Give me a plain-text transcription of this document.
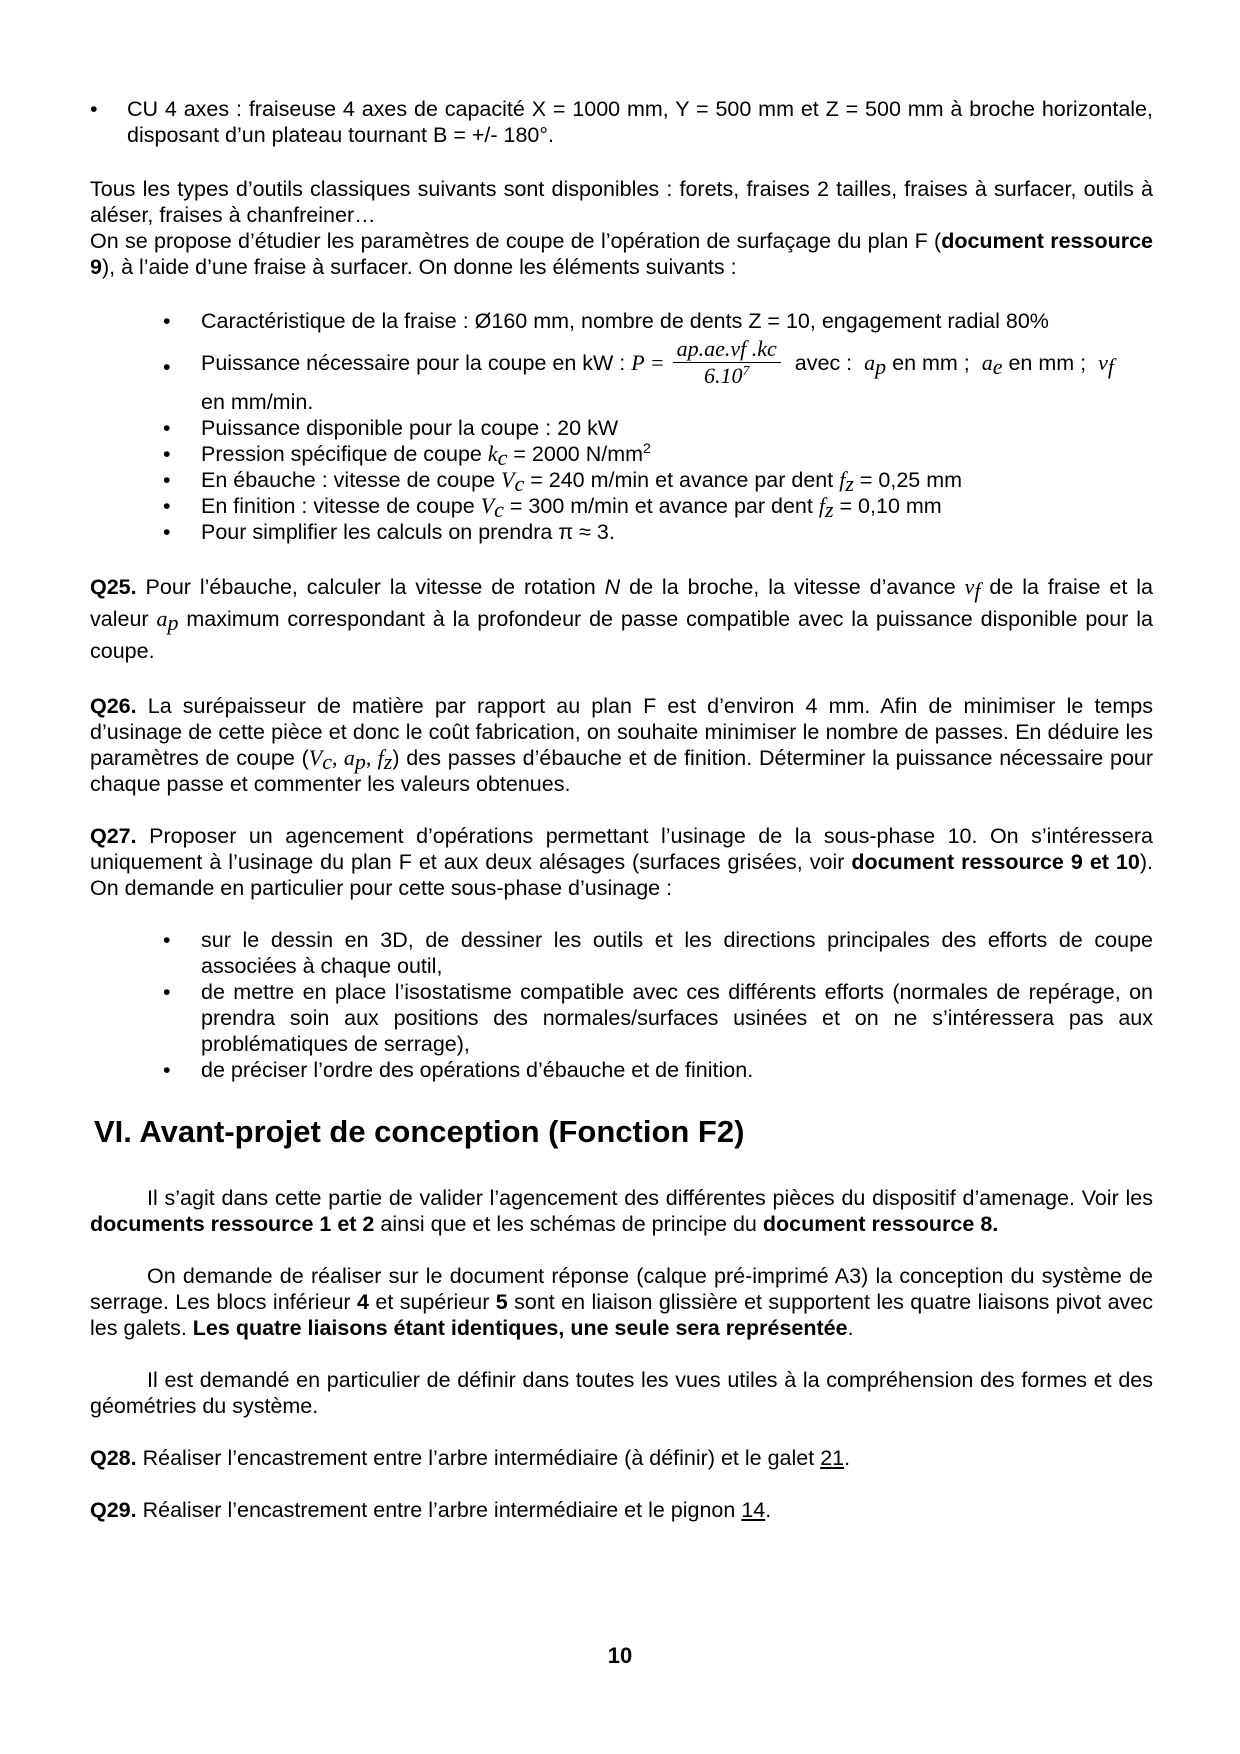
• CU 4 axes : fraiseuse 4 axes de capacité X = 1000 mm, Y = 500 mm et Z = 500 mm à broche horizontale, disposant d’un plateau tournant B = +/- 180°.

Tous les types d’outils classiques suivants sont disponibles : forets, fraises 2 tailles, fraises à surfacer, outils à aléser, fraises à chanfreiner…

On se propose d’étudier les paramètres de coupe de l’opération de surfaçage du plan F (document ressource 9), à l’aide d’une fraise à surfacer. On donne les éléments suivants :

• Caractéristique de la fraise : Ø160 mm, nombre de dents Z = 10, engagement radial 80%
• Puissance nécessaire pour la coupe en kW : $P = \frac{ap.ae.vf .kc}{6.10^7}$ avec : $a_p$ en mm ; $a_e$ en mm ; $v_f$
en mm/min.
• Puissance disponible pour la coupe : 20 kW
• Pression spécifique de coupe $k_c = 2000$ $N/mm^2$
• En ébauche : vitesse de coupe $V_c = 240$ m/min et avance par dent $f_z = 0,25$ mm
• En finition : vitesse de coupe $V_c = 300$ m/min et avance par dent $f_z = 0,10$ mm
• Pour simplifier les calculs on prendra π ≈ 3.

Q25. Pour l’ébauche, calculer la vitesse de rotation N de la broche, la vitesse d’avance $v_f$ de la fraise et la valeur $a_p$ maximum correspondant à la profondeur de passe compatible avec la puissance disponible pour la coupe.

Q26. La surépaisseur de matière par rapport au plan F est d’environ 4 mm. Afin de minimiser le temps d’usinage de cette pièce et donc le coût fabrication, on souhaite minimiser le nombre de passes. En déduire les paramètres de coupe ($V_c$, $a_p$, $f_z$) des passes d’ébauche et de finition. Déterminer la puissance nécessaire pour chaque passe et commenter les valeurs obtenues.

Q27. Proposer un agencement d’opérations permettant l’usinage de la sous-phase 10. On s’intéressera uniquement à l’usinage du plan F et aux deux alésages (surfaces grisées, voir document ressource 9 et 10). On demande en particulier pour cette sous-phase d’usinage :

• sur le dessin en 3D, de dessiner les outils et les directions principales des efforts de coupe associées à chaque outil,
• de mettre en place l’isostatisme compatible avec ces différents efforts (normales de repérage, on prendra soin aux positions des normales/surfaces usinées et on ne s’intéressera pas aux problématiques de serrage),
• de préciser l’ordre des opérations d’ébauche et de finition.
VI. Avant-projet de conception (Fonction F2)

Il s’agit dans cette partie de valider l’agencement des différentes pièces du dispositif d’amenage. Voir les documents ressource 1 et 2 ainsi que et les schémas de principe du document ressource 8.

On demande de réaliser sur le document réponse (calque pré-imprimé A3) la conception du système de serrage. Les blocs inférieur 4 et supérieur 5 sont en liaison glissière et supportent les quatre liaisons pivot avec les galets. Les quatre liaisons étant identiques, une seule sera représentée.

Il est demandé en particulier de définir dans toutes les vues utiles à la compréhension des formes et des géométries du système.

Q28. Réaliser l’encastrement entre l’arbre intermédiaire (à définir) et le galet 21.

Q29. Réaliser l’encastrement entre l’arbre intermédiaire et le pignon 14.

10
